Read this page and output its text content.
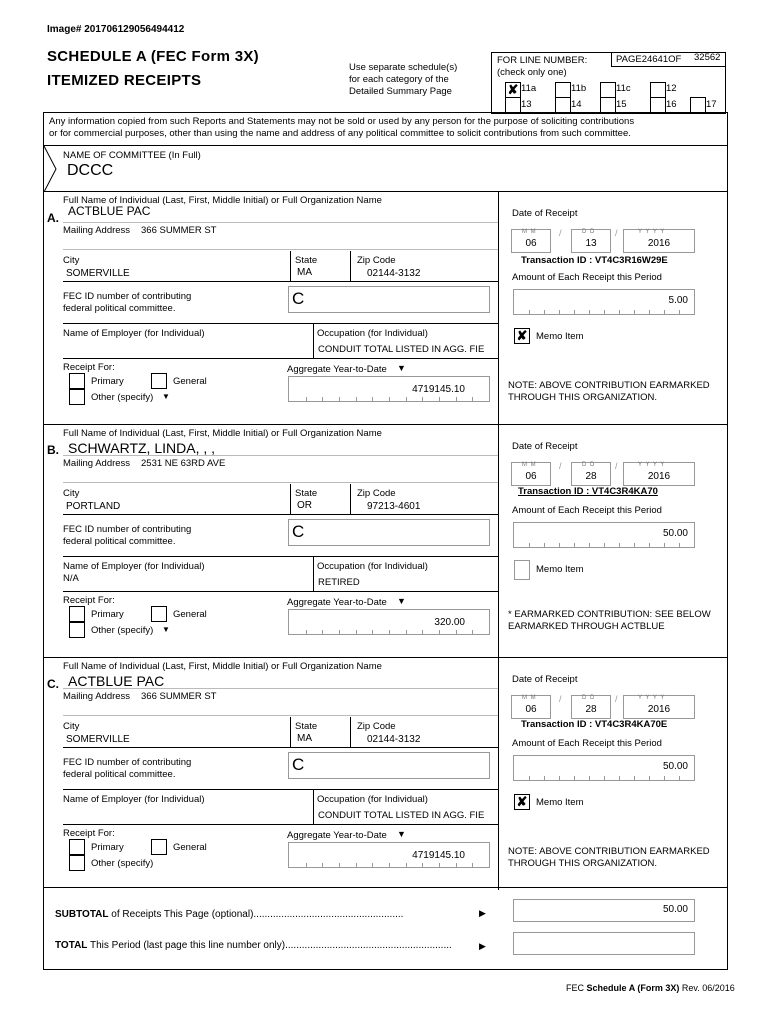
Image# 201706129056494412
SCHEDULE A (FEC Form 3X)
ITEMIZED RECEIPTS
Use separate schedule(s)
for each category of the
Detailed Summary Page
FOR LINE NUMBER:
(check only one)
PAGE24641OF 32562
✘ 11a	11b	11c	12
13	14	15	16	17
Any information copied from such Reports and Statements may not be sold or used by any person for the purpose of soliciting contributions
or for commercial purposes, other than using the name and address of any political committee to solicit contributions from such committee.
NAME OF COMMITTEE (In Full)
DCCC
Full Name of Individual (Last, First, Middle Initial) or Full Organization Name
A. ACTBLUE PAC
Mailing Address 366 SUMMER ST
City
SOMERVILLE
State
MA
Zip Code
02144-3132
FEC ID number of contributing
federal political committee.
C
Name of Employer (for Individual)	Occupation (for Individual)
CONDUIT TOTAL LISTED IN AGG. FIE
Receipt For:
Primary	General
Other (specify) ▼
Aggregate Year-to-Date ▼
4719145.10
Date of Receipt
M M
06
/	D D
13
/	Y Y Y Y
2016
Transaction ID : VT4C3R16W29E
Amount of Each Receipt this Period
5.00
✘ Memo Item
NOTE: ABOVE CONTRIBUTION EARMARKED
THROUGH THIS ORGANIZATION.
Full Name of Individual (Last, First, Middle Initial) or Full Organization Name
B. SCHWARTZ, LINDA, , ,
Mailing Address 2531 NE 63RD AVE
City
PORTLAND
State
OR
Zip Code
97213-4601
FEC ID number of contributing
federal political committee.
C
Name of Employer (for Individual)
N/A
Occupation (for Individual)
RETIRED
Receipt For:
Primary	General
Other (specify) ▼
Aggregate Year-to-Date ▼
320.00
Date of Receipt
M M
06
/	D D
28
/	Y Y Y Y
2016
Transaction ID : VT4C3R4KA70
Amount of Each Receipt this Period
50.00
Memo Item
* EARMARKED CONTRIBUTION: SEE BELOW
EARMARKED THROUGH ACTBLUE
Full Name of Individual (Last, First, Middle Initial) or Full Organization Name
C. ACTBLUE PAC
Mailing Address 366 SUMMER ST
City
SOMERVILLE
State
MA
Zip Code
02144-3132
FEC ID number of contributing
federal political committee.
C
Name of Employer (for Individual)	Occupation (for Individual)
CONDUIT TOTAL LISTED IN AGG. FIE
Receipt For:
Primary	General
Other (specify)
Aggregate Year-to-Date ▼
4719145.10
Date of Receipt
M M
06
/	D D
28
/	Y Y Y Y
2016
Transaction ID : VT4C3R4KA70E
Amount of Each Receipt this Period
50.00
✘ Memo Item
NOTE: ABOVE CONTRIBUTION EARMARKED
THROUGH THIS ORGANIZATION.
SUBTOTAL of Receipts This Page (optional)......................................................	▶	50.00
TOTAL This Period (last page this line number only)............................................................	▶
FEC Schedule A (Form 3X) Rev. 06/2016
